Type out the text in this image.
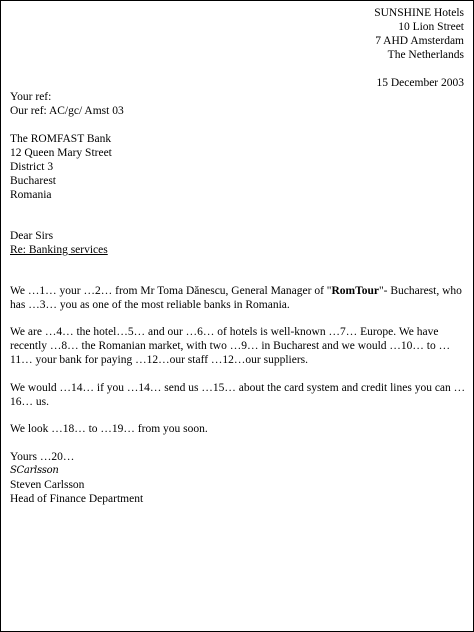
SUNSHINE Hotels
10 Lion Street
7 AHD Amsterdam
The Netherlands
15 December 2003
Your ref:
Our ref: AC/gc/ Amst 03
The ROMFAST Bank
12 Queen Mary Street
District 3
Bucharest
Romania
Dear Sirs
Re: Banking services
We …1… your …2… from Mr Toma Dănescu, General Manager of "RomTour"- Bucharest, who has …3… you as one of the most reliable banks in Romania.
We are …4… the hotel…5… and our …6… of hotels is well-known …7… Europe. We have recently …8… the Romanian market, with two …9… in Bucharest and we would …10… to …11… your bank for paying …12…our staff …12…our suppliers.
We would …14… if you …14… send us …15… about the card system and credit lines you can …16… us.
We look …18… to …19… from you soon.
Yours …20…
SCarlsson
Steven Carlsson
Head of Finance Department
